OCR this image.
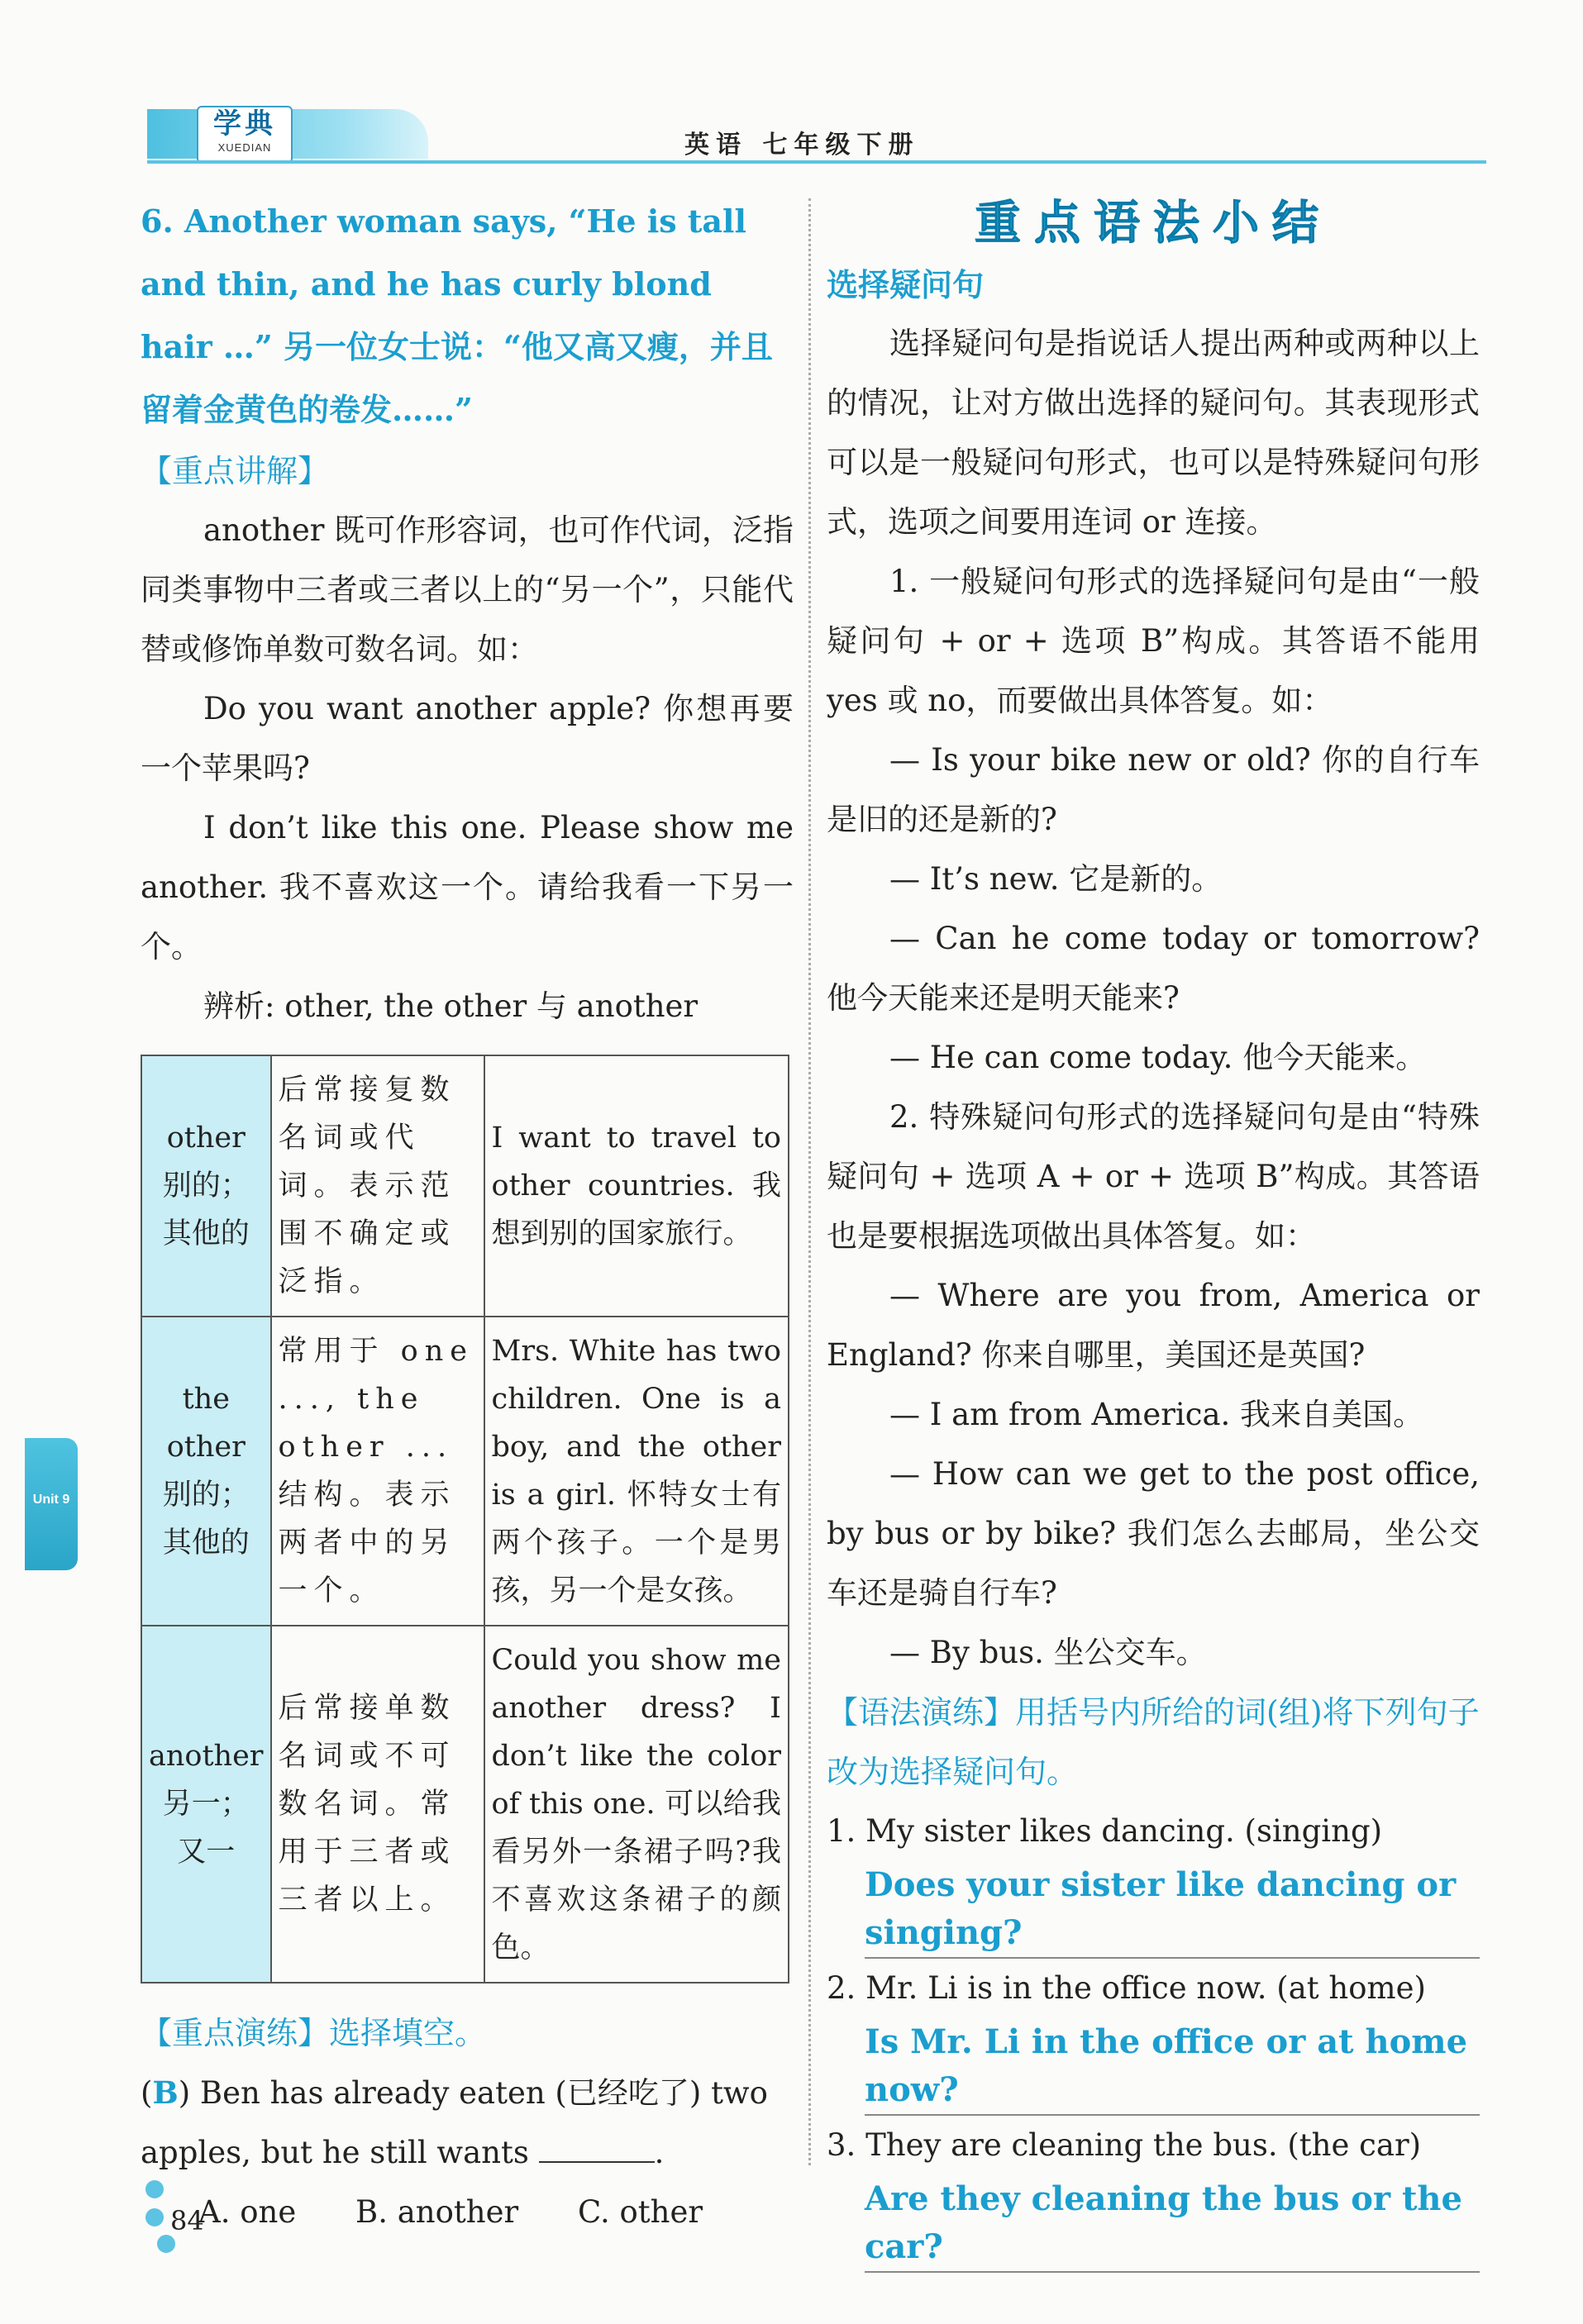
学典
XUEDIAN	英语 七年级下册
6. Another woman says, “He is tall and thin, and he has curly blond hair …” 另一位女士说：“他又高又瘦，并且留着金黄色的卷发……”
【重点讲解】
another 既可作形容词，也可作代词，泛指同类事物中三者或三者以上的“另一个”，只能代替或修饰单数可数名词。如：
Do you want another apple? 你想再要一个苹果吗?
I don’t like this one. Please show me another. 我不喜欢这一个。请给我看一下另一个。
辨析: other, the other 与 another
other 别的；其他的	后常接复数名词或代词。表示范围不确定或泛指。	I want to travel to other countries. 我想到别的国家旅行。
the other 别的；其他的	常用于 one ..., the other ... 结构。表示两者中的另一个。	Mrs. White has two children. One is a boy, and the other is a girl. 怀特女士有两个孩子。一个是男孩，另一个是女孩。
another 另一；又一	后常接单数名词或不可数名词。常用于三者或三者以上。	Could you show me another dress? I don’t like the color of this one. 可以给我看另外一条裙子吗?我不喜欢这条裙子的颜色。
【重点演练】选择填空。
(B) Ben has already eaten (已经吃了) two apples, but he still wants	.
A. one B. another C. other
重点语法小结
选择疑问句
选择疑问句是指说话人提出两种或两种以上的情况，让对方做出选择的疑问句。其表现形式可以是一般疑问句形式，也可以是特殊疑问句形式，选项之间要用连词 or 连接。
1. 一般疑问句形式的选择疑问句是由“一般疑问句 + or + 选项 B”构成。其答语不能用 yes 或 no，而要做出具体答复。如：
— Is your bike new or old? 你的自行车是旧的还是新的?
— It’s new. 它是新的。
— Can he come today or tomorrow? 他今天能来还是明天能来?
— He can come today. 他今天能来。
2. 特殊疑问句形式的选择疑问句是由“特殊疑问句 + 选项 A + or + 选项 B”构成。其答语也是要根据选项做出具体答复。如：
— Where are you from, America or England? 你来自哪里，美国还是英国?
— I am from America. 我来自美国。
— How can we get to the post office, by bus or by bike? 我们怎么去邮局，坐公交车还是骑自行车?
— By bus. 坐公交车。
【语法演练】用括号内所给的词(组)将下列句子改为选择疑问句。
1. My sister likes dancing. (singing)
Does your sister like dancing or singing?
2. Mr. Li is in the office now. (at home)
Is Mr. Li in the office or at home now?
3. They are cleaning the bus. (the car)
Are they cleaning the bus or the car?
Unit 9
84
